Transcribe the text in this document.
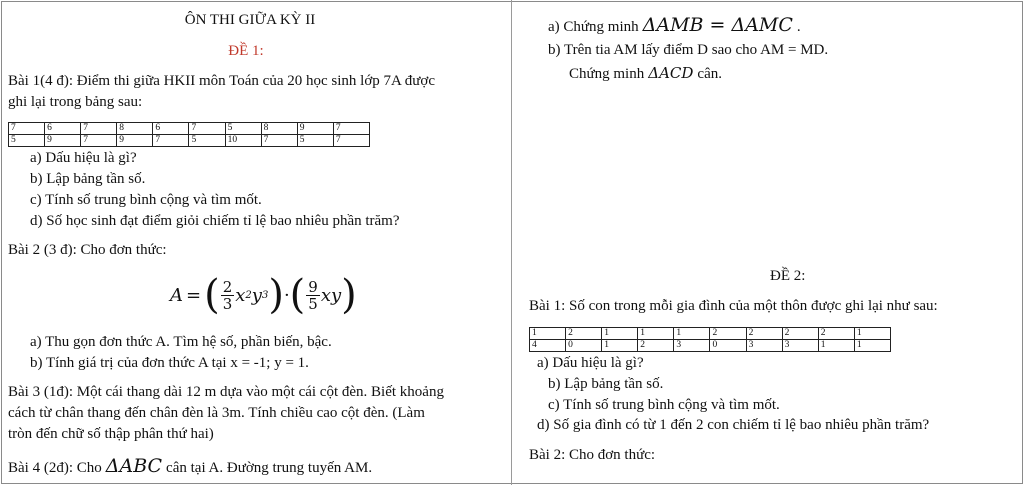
ÔN THI GIỮA KỲ II
ĐỀ 1:
Bài 1(4 đ): Điểm thi giữa HKII môn Toán của 20 học sinh lớp 7A được
ghi lại trong bảng sau:
7	6	7	8	6	7	5	8	9	7
5	9	7	9	7	5	10	7	5	7
a) Dấu hiệu là gì?
b) Lập bảng tần số.
c) Tính số trung bình cộng và tìm mốt.
d) Số học sinh đạt điểm giỏi chiếm tỉ lệ bao nhiêu phần trăm?
Bài 2 (3 đ): Cho đơn thức:
A = ( $\frac{2}{3}$ x 2 y 3 ) · ( $\frac{9}{5}$ xy )
a) Thu gọn đơn thức A. Tìm hệ số, phần biến, bậc.
b) Tính giá trị của đơn thức A tại x = -1; y = 1.
Bài 3 (1đ): Một cái thang dài 12 m dựa vào một cái cột đèn. Biết khoảng
cách từ chân thang đến chân đèn là 3m. Tính chiều cao cột đèn. (Làm
tròn đến chữ số thập phân thứ hai)
Bài 4 (2đ): Cho ΔABC cân tại A. Đường trung tuyến AM.
a) Chứng minh ΔAMB = ΔAMC .
b) Trên tia AM lấy điểm D sao cho AM = MD.
Chứng minh ΔACD cân.
ĐỀ 2:
Bài 1: Số con trong mỗi gia đình của một thôn được ghi lại như sau:
1	2	1	1	1	2	2	2	2	1
4	0	1	2	3	0	3	3	1	1
a) Dấu hiệu là gì?
b) Lập bảng tần số.
c) Tính số trung bình cộng và tìm mốt.
d) Số gia đình có từ 1 đến 2 con chiếm tỉ lệ bao nhiêu phần trăm?
Bài 2: Cho đơn thức:
